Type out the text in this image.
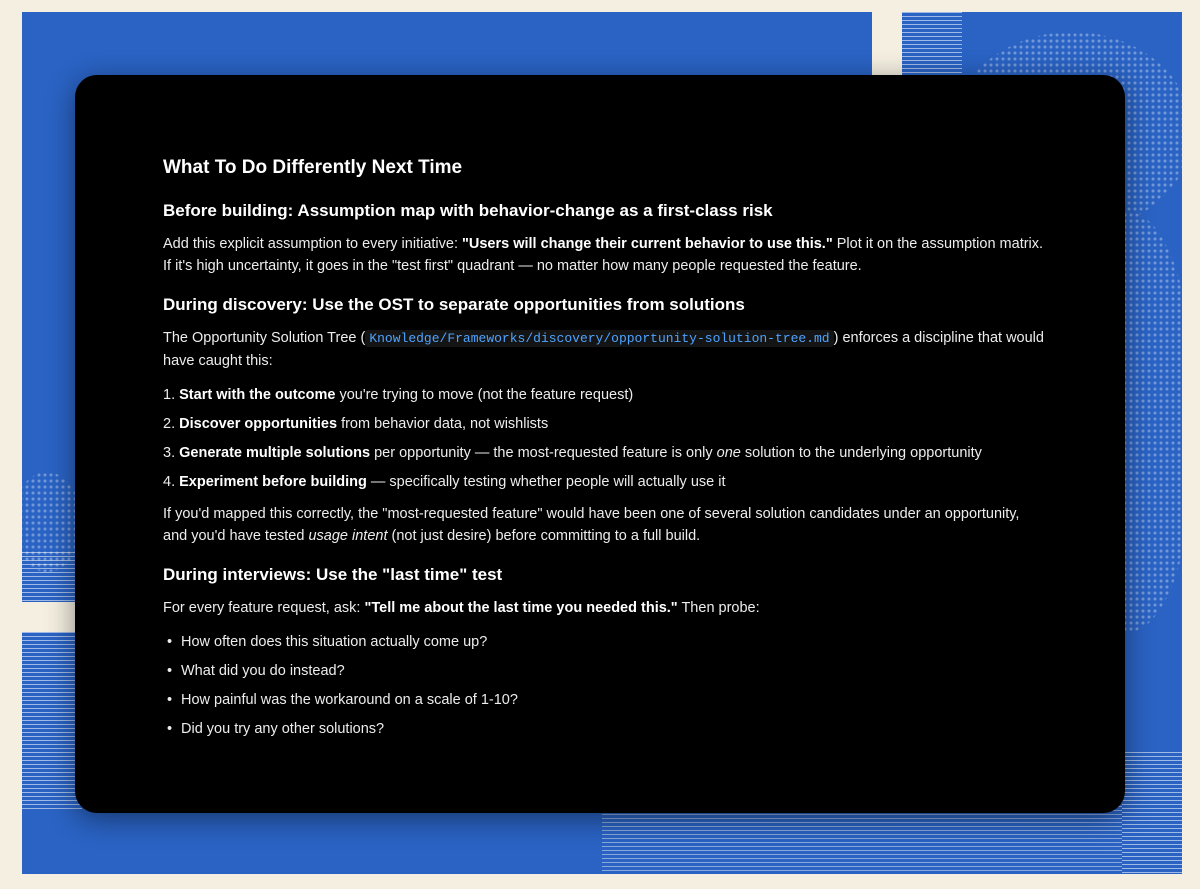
What To Do Differently Next Time
Before building: Assumption map with behavior-change as a first-class risk

Add this explicit assumption to every initiative: "Users will change their current behavior to use this." Plot it on the assumption matrix. If it's high uncertainty, it goes in the "test first" quadrant — no matter how many people requested the feature.

During discovery: Use the OST to separate opportunities from solutions

The Opportunity Solution Tree ( Knowledge/Frameworks/discovery/opportunity-solution-tree.md ) enforces a discipline that would have caught this:

1. Start with the outcome you're trying to move (not the feature request)
2. Discover opportunities from behavior data, not wishlists
3. Generate multiple solutions per opportunity — the most-requested feature is only one solution to the underlying opportunity
4. Experiment before building — specifically testing whether people will actually use it

If you'd mapped this correctly, the "most-requested feature" would have been one of several solution candidates under an opportunity, and you'd have tested usage intent (not just desire) before committing to a full build.

During interviews: Use the "last time" test

For every feature request, ask: "Tell me about the last time you needed this." Then probe:

• How often does this situation actually come up?
• What did you do instead?
• How painful was the workaround on a scale of 1-10?
• Did you try any other solutions?
